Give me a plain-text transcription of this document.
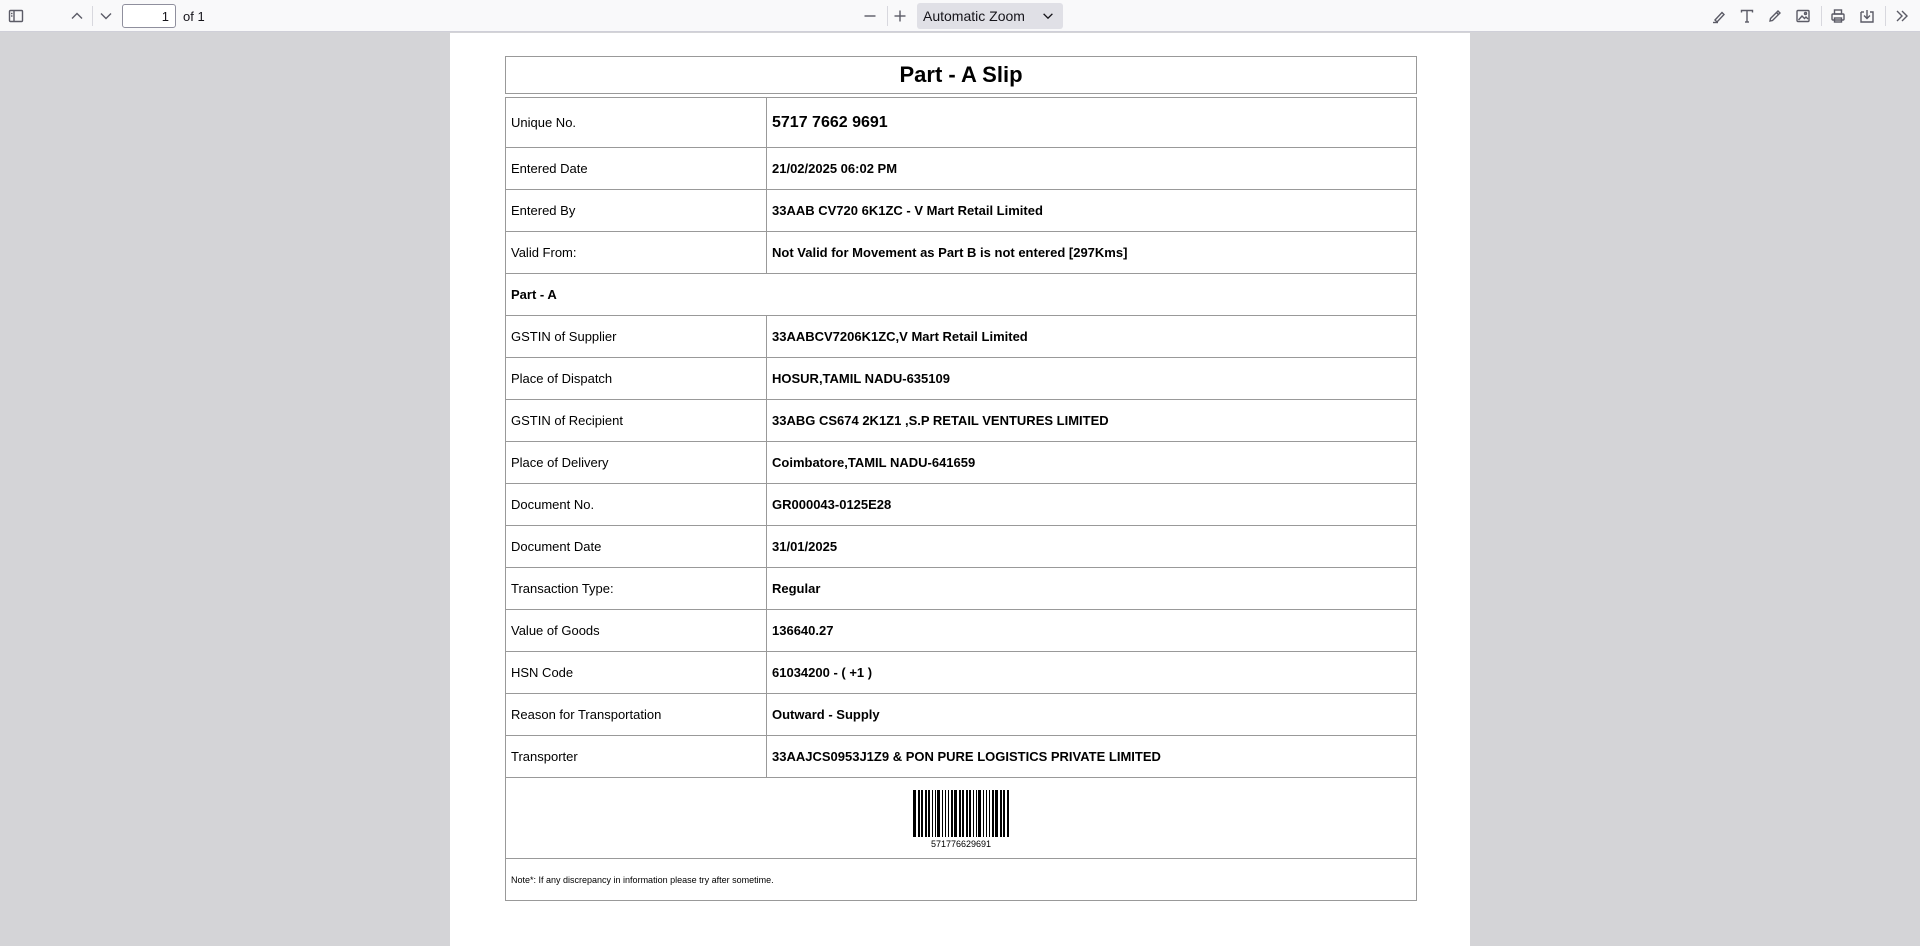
1
of 1	Automatic Zoom
Part - A Slip
Unique No.	5717 7662 9691
Entered Date	21/02/2025 06:02 PM
Entered By	33AAB CV720 6K1ZC - V Mart Retail Limited
Valid From:	Not Valid for Movement as Part B is not entered [297Kms]
Part - A
GSTIN of Supplier	33AABCV7206K1ZC,V Mart Retail Limited
Place of Dispatch	HOSUR,TAMIL NADU-635109
GSTIN of Recipient	33ABG CS674 2K1Z1 ,S.P RETAIL VENTURES LIMITED
Place of Delivery	Coimbatore,TAMIL NADU-641659
Document No.	GR000043-0125E28
Document Date	31/01/2025
Transaction Type:	Regular
Value of Goods	136640.27
HSN Code	61034200 - ( +1 )
Reason for Transportation	Outward - Supply
Transporter	33AAJCS0953J1Z9 & PON PURE LOGISTICS PRIVATE LIMITED
571776629691
Note*: If any discrepancy in information please try after sometime.
